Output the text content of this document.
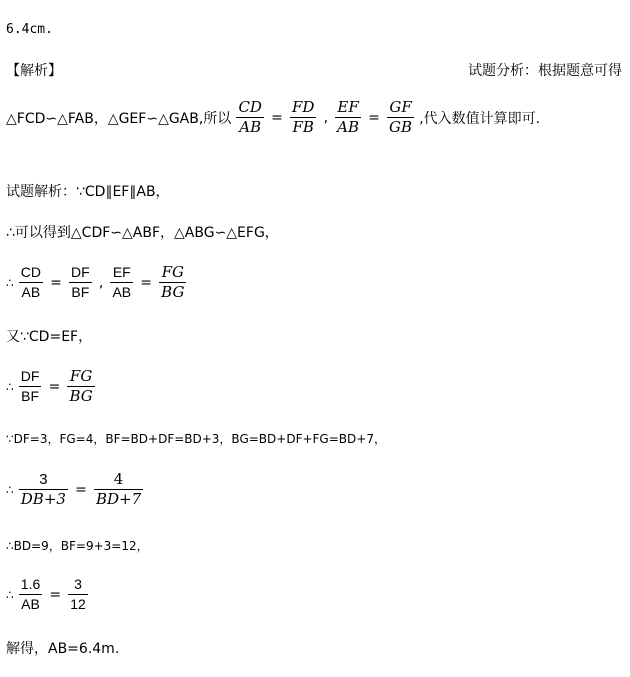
6.4cm.
【解析】	试题分析：根据题意可得
△FCD∽△FAB，△GEF∽△GAB,所以 $\frac{CD}{AB} = \frac{FD}{FB}$ , $\frac{EF}{AB} = \frac{GF}{GB}$ ,代入数值计算即可.
试题解析：∵CD∥EF∥AB，
∴可以得到△CDF∽△ABF，△ABG∽△EFG，
∴ $\frac{CD}{AB} = \frac{DF}{BF}$ , $\frac{EF}{AB} = \frac{FG}{BG}$
又∵CD=EF，
∴ $\frac{DF}{BF} = \frac{FG}{BG}$
∵DF=3，FG=4，BF=BD+DF=BD+3，BG=BD+DF+FG=BD+7，
∴ $\frac{3}{DB+3} = \frac{4}{BD+7}$
∴BD=9，BF=9+3=12，
∴ $\frac{1.6}{AB} = \frac{3}{12}$
解得，AB=6.4m.
